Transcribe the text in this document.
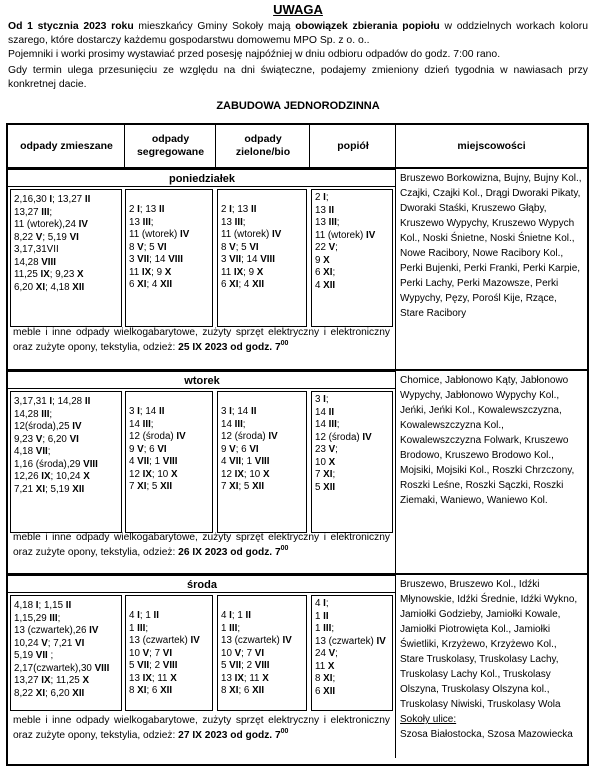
UWAGA

Od 1 stycznia 2023 roku mieszkańcy Gminy Sokoły mają obowiązek zbierania popiołu w oddzielnych workach koloru szarego, które dostarczy każdemu gospodarstwu domowemu MPO Sp. z o. o..

Pojemniki i worki prosimy wystawiać przed posesję najpóźniej w dniu odbioru odpadów do godz. 7:00 rano.

Gdy termin ulega przesunięciu ze względu na dni świąteczne, podajemy zmieniony dzień tygodnia w nawiasach przy konkretnej dacie.

ZABUDOWA JEDNORODZINNA
odpady zmieszane
odpady segregowane
odpady zielone/bio
popiół	miejscowości
poniedziałek
2,16,30 I; 13,27 II
13,27 III;
11 (wtorek),24 IV
8,22 V; 5,19 VI
3,17,31VII
14,28 VIII
11,25 IX; 9,23 X
6,20 XI; 4,18 XII
2 I; 13 II
13 III;
11 (wtorek) IV
8 V; 5 VI
3 VII; 14 VIII
11 IX; 9 X
6 XI; 4 XII
2 I; 13 II
13 III;
11 (wtorek) IV
8 V; 5 VI
3 VII; 14 VIII
11 IX; 9 X
6 XI; 4 XII
2 I;
13 II
13 III;
11 (wtorek) IV
22 V;
9 X
6 XI;
4 XII
meble i inne odpady wielkogabarytowe, zużyty sprzęt elektryczny i elektroniczny oraz zużyte opony, tekstylia, odzież: 25 IX 2023 od godz. $7^{00}$
Bruszewo Borkowizna, Bujny, Bujny Kol., Czajki, Czajki Kol., Drągi Dworaki Pikaty, Dworaki Staśki, Kruszewo Głąby, Kruszewo Wypychy, Kruszewo Wypych Kol., Noski Śnietne, Noski Śnietne Kol., Nowe Racibory, Nowe Racibory Kol., Perki Bujenki, Perki Franki, Perki Karpie, Perki Lachy, Perki Mazowsze, Perki Wypychy, Pęzy, Porośl Kije, Rzące, Stare Racibory
wtorek
3,17,31 I; 14,28 II
14,28 III;
12(środa),25 IV
9,23 V; 6,20 VI
4,18 VII;
1,16 (środa),29 VIII
12,26 IX; 10,24 X
7,21 XI; 5,19 XII
3 I; 14 II
14 III;
12 (środa) IV
9 V; 6 VI
4 VII; 1 VIII
12 IX; 10 X
7 XI; 5 XII
3 I; 14 II
14 III;
12 (środa) IV
9 V; 6 VI
4 VII; 1 VIII
12 IX; 10 X
7 XI; 5 XII
3 I;
14 II
14 III;
12 (środa) IV
23 V;
10 X
7 XI;
5 XII
meble i inne odpady wielkogabarytowe, zużyty sprzęt elektryczny i elektroniczny oraz zużyte opony, tekstylia, odzież: 26 IX 2023 od godz. $7^{00}$
Chomice, Jabłonowo Kąty, Jabłonowo Wypychy, Jabłonowo Wypychy Kol., Jeńki, Jeńki Kol., Kowalewszczyzna, Kowalewszczyzna Kol., Kowalewszczyzna Folwark, Kruszewo Brodowo, Kruszewo Brodowo Kol., Mojsiki, Mojsiki Kol., Roszki Chrzczony, Roszki Leśne, Roszki Sączki, Roszki Ziemaki, Waniewo, Waniewo Kol.
środa
4,18 I; 1,15 II
1,15,29 III;
13 (czwartek),26 IV
10,24 V; 7,21 VI
5,19 VII ;
2,17(czwartek),30 VIII
13,27 IX; 11,25 X
8,22 XI; 6,20 XII
4 I; 1 II
1 III;
13 (czwartek) IV
10 V; 7 VI
5 VII; 2 VIII
13 IX; 11 X
8 XI; 6 XII
4 I; 1 II
1 III;
13 (czwartek) IV
10 V; 7 VI
5 VII; 2 VIII
13 IX; 11 X
8 XI; 6 XII
4 I;
1 II
1 III;
13 (czwartek) IV
24 V;
11 X
8 XI;
6 XII
meble i inne odpady wielkogabarytowe, zużyty sprzęt elektryczny i elektroniczny oraz zużyte opony, tekstylia, odzież: 27 IX 2023 od godz. $7^{00}$
Bruszewo, Bruszewo Kol., Idźki Młynowskie, Idźki Średnie, Idźki Wykno, Jamiołki Godzieby, Jamiołki Kowale, Jamiołki Piotrowięta Kol., Jamiołki Świetliki, Krzyżewo, Krzyżewo Kol., Stare Truskolasy, Truskolasy Lachy, Truskolasy Lachy Kol., Truskolasy Olszyna, Truskolasy Olszyna kol., Truskolasy Niwiski, Truskolasy Wola
Sokoły ulice:
Szosa Białostocka, Szosa Mazowiecka
